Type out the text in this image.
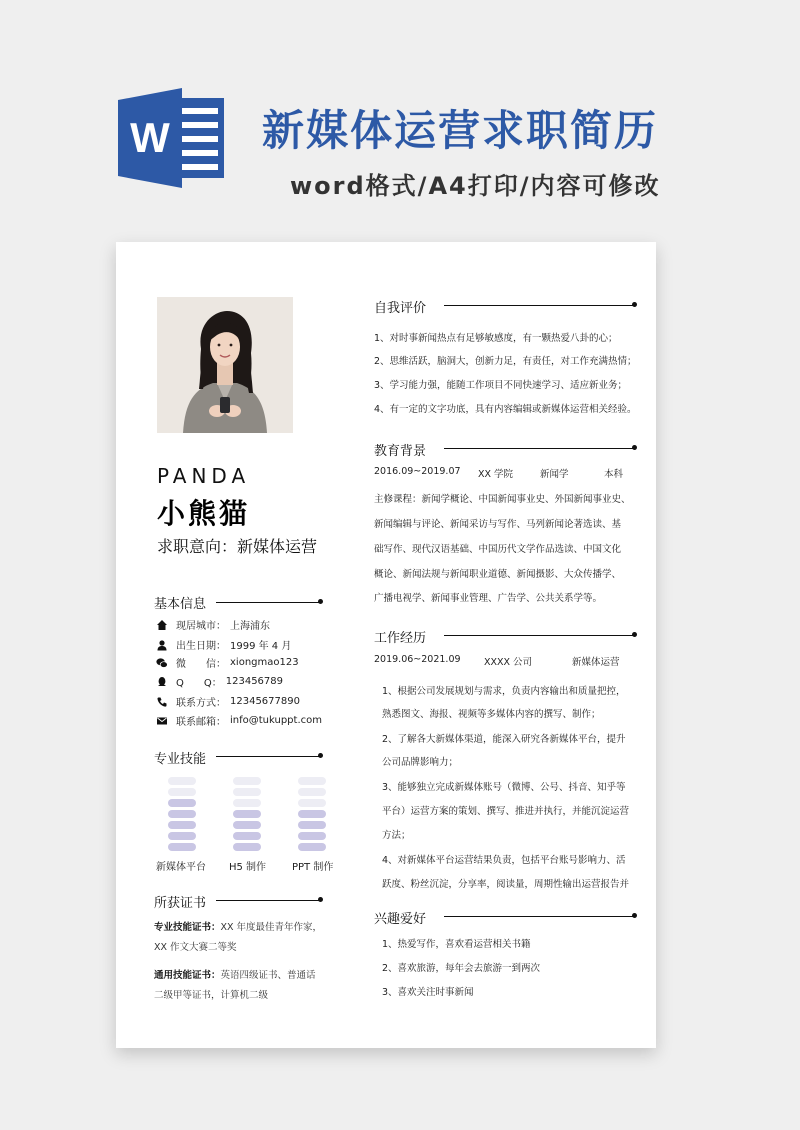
W 新媒体运营求职简历
word格式/A4打印/内容可修改
PANDA
小熊猫
求职意向：新媒体运营
基本信息
现居城市： 上海浦东
出生日期： 1999 年 4 月
微　　信： xiongmao123
Q　　Q： 123456789
联系方式： 12345677890
联系邮箱： info@tukuppt.com
专业技能
新媒体平台 H5 制作	PPT 制作
所获证书
专业技能证书：XX 年度最佳青年作家，
XX 作文大赛二等奖
通用技能证书：英语四级证书、普通话
二级甲等证书，计算机二级
自我评价
1、对时事新闻热点有足够敏感度，有一颗热爱八卦的心；
2、思维活跃，脑洞大，创新力足，有责任，对工作充满热情；
3、学习能力强，能随工作项目不同快速学习、适应新业务；
4、有一定的文字功底，具有内容编辑或新媒体运营相关经验。
教育背景
2016.09~2019.07 XX 学院	新闻学	本科
主修课程：新闻学概论、中国新闻事业史、外国新闻事业史、
新闻编辑与评论、新闻采访与写作、马列新闻论著选读、基
础写作、现代汉语基础、中国历代文学作品选读、中国文化
概论、新闻法规与新闻职业道德、新闻摄影、大众传播学、
广播电视学、新闻事业管理、广告学、公共关系学等。
工作经历
2019.06~2021.09 XXXX 公司	新媒体运营
1、根据公司发展规划与需求，负责内容输出和质量把控，
熟悉图文、海报、视频等多媒体内容的撰写、制作；
2、了解各大新媒体渠道，能深入研究各新媒体平台，提升
公司品牌影响力；
3、能够独立完成新媒体账号（微博、公号、抖音、知乎等
平台）运营方案的策划、撰写、推进并执行，并能沉淀运营
方法；
4、对新媒体平台运营结果负责，包括平台账号影响力、活
跃度、粉丝沉淀，分享率，阅读量，周期性输出运营报告并
兴趣爱好
1、热爱写作，喜欢看运营相关书籍
2、喜欢旅游，每年会去旅游一到两次
3、喜欢关注时事新闻
